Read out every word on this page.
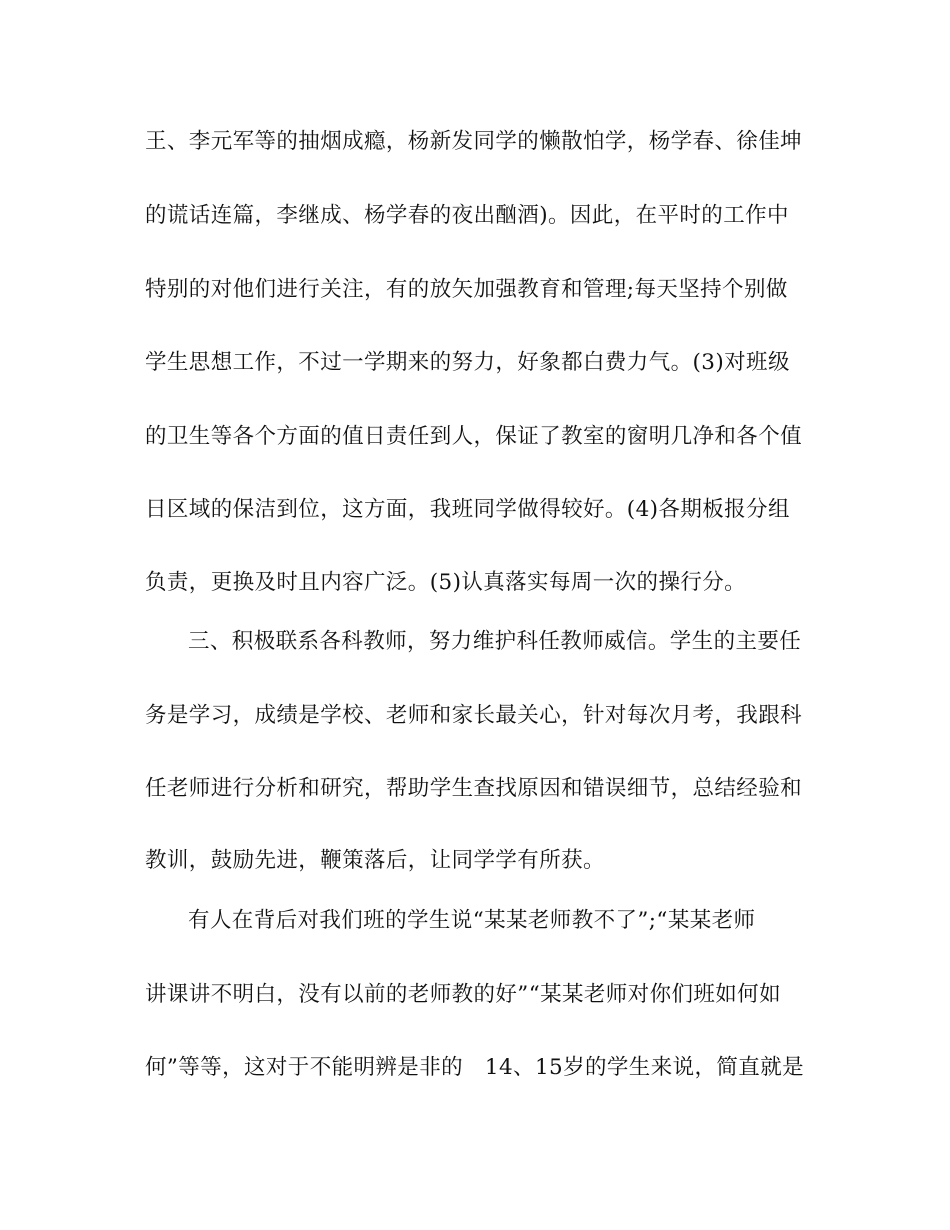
王、李元军等的抽烟成瘾，杨新发同学的懒散怕学，杨学春、徐佳坤
的谎话连篇，李继成、杨学春的夜出酗酒)。因此，在平时的工作中
特别的对他们进行关注，有的放矢加强教育和管理;每天坚持个别做
学生思想工作，不过一学期来的努力，好象都白费力气。(3)对班级
的卫生等各个方面的值日责任到人，保证了教室的窗明几净和各个值
日区域的保洁到位，这方面，我班同学做得较好。(4)各期板报分组
负责，更换及时且内容广泛。(5)认真落实每周一次的操行分。
三、积极联系各科教师，努力维护科任教师威信。学生的主要任
务是学习，成绩是学校、老师和家长最关心，针对每次月考，我跟科
任老师进行分析和研究，帮助学生查找原因和错误细节，总结经验和
教训，鼓励先进，鞭策落后，让同学学有所获。
有人在背后对我们班的学生说“某某老师教不了”;“某某老师
讲课讲不明白，没有以前的老师教的好”“某某老师对你们班如何如
何”等等，这对于不能明辨是非的　14、15岁的学生来说，简直就是
